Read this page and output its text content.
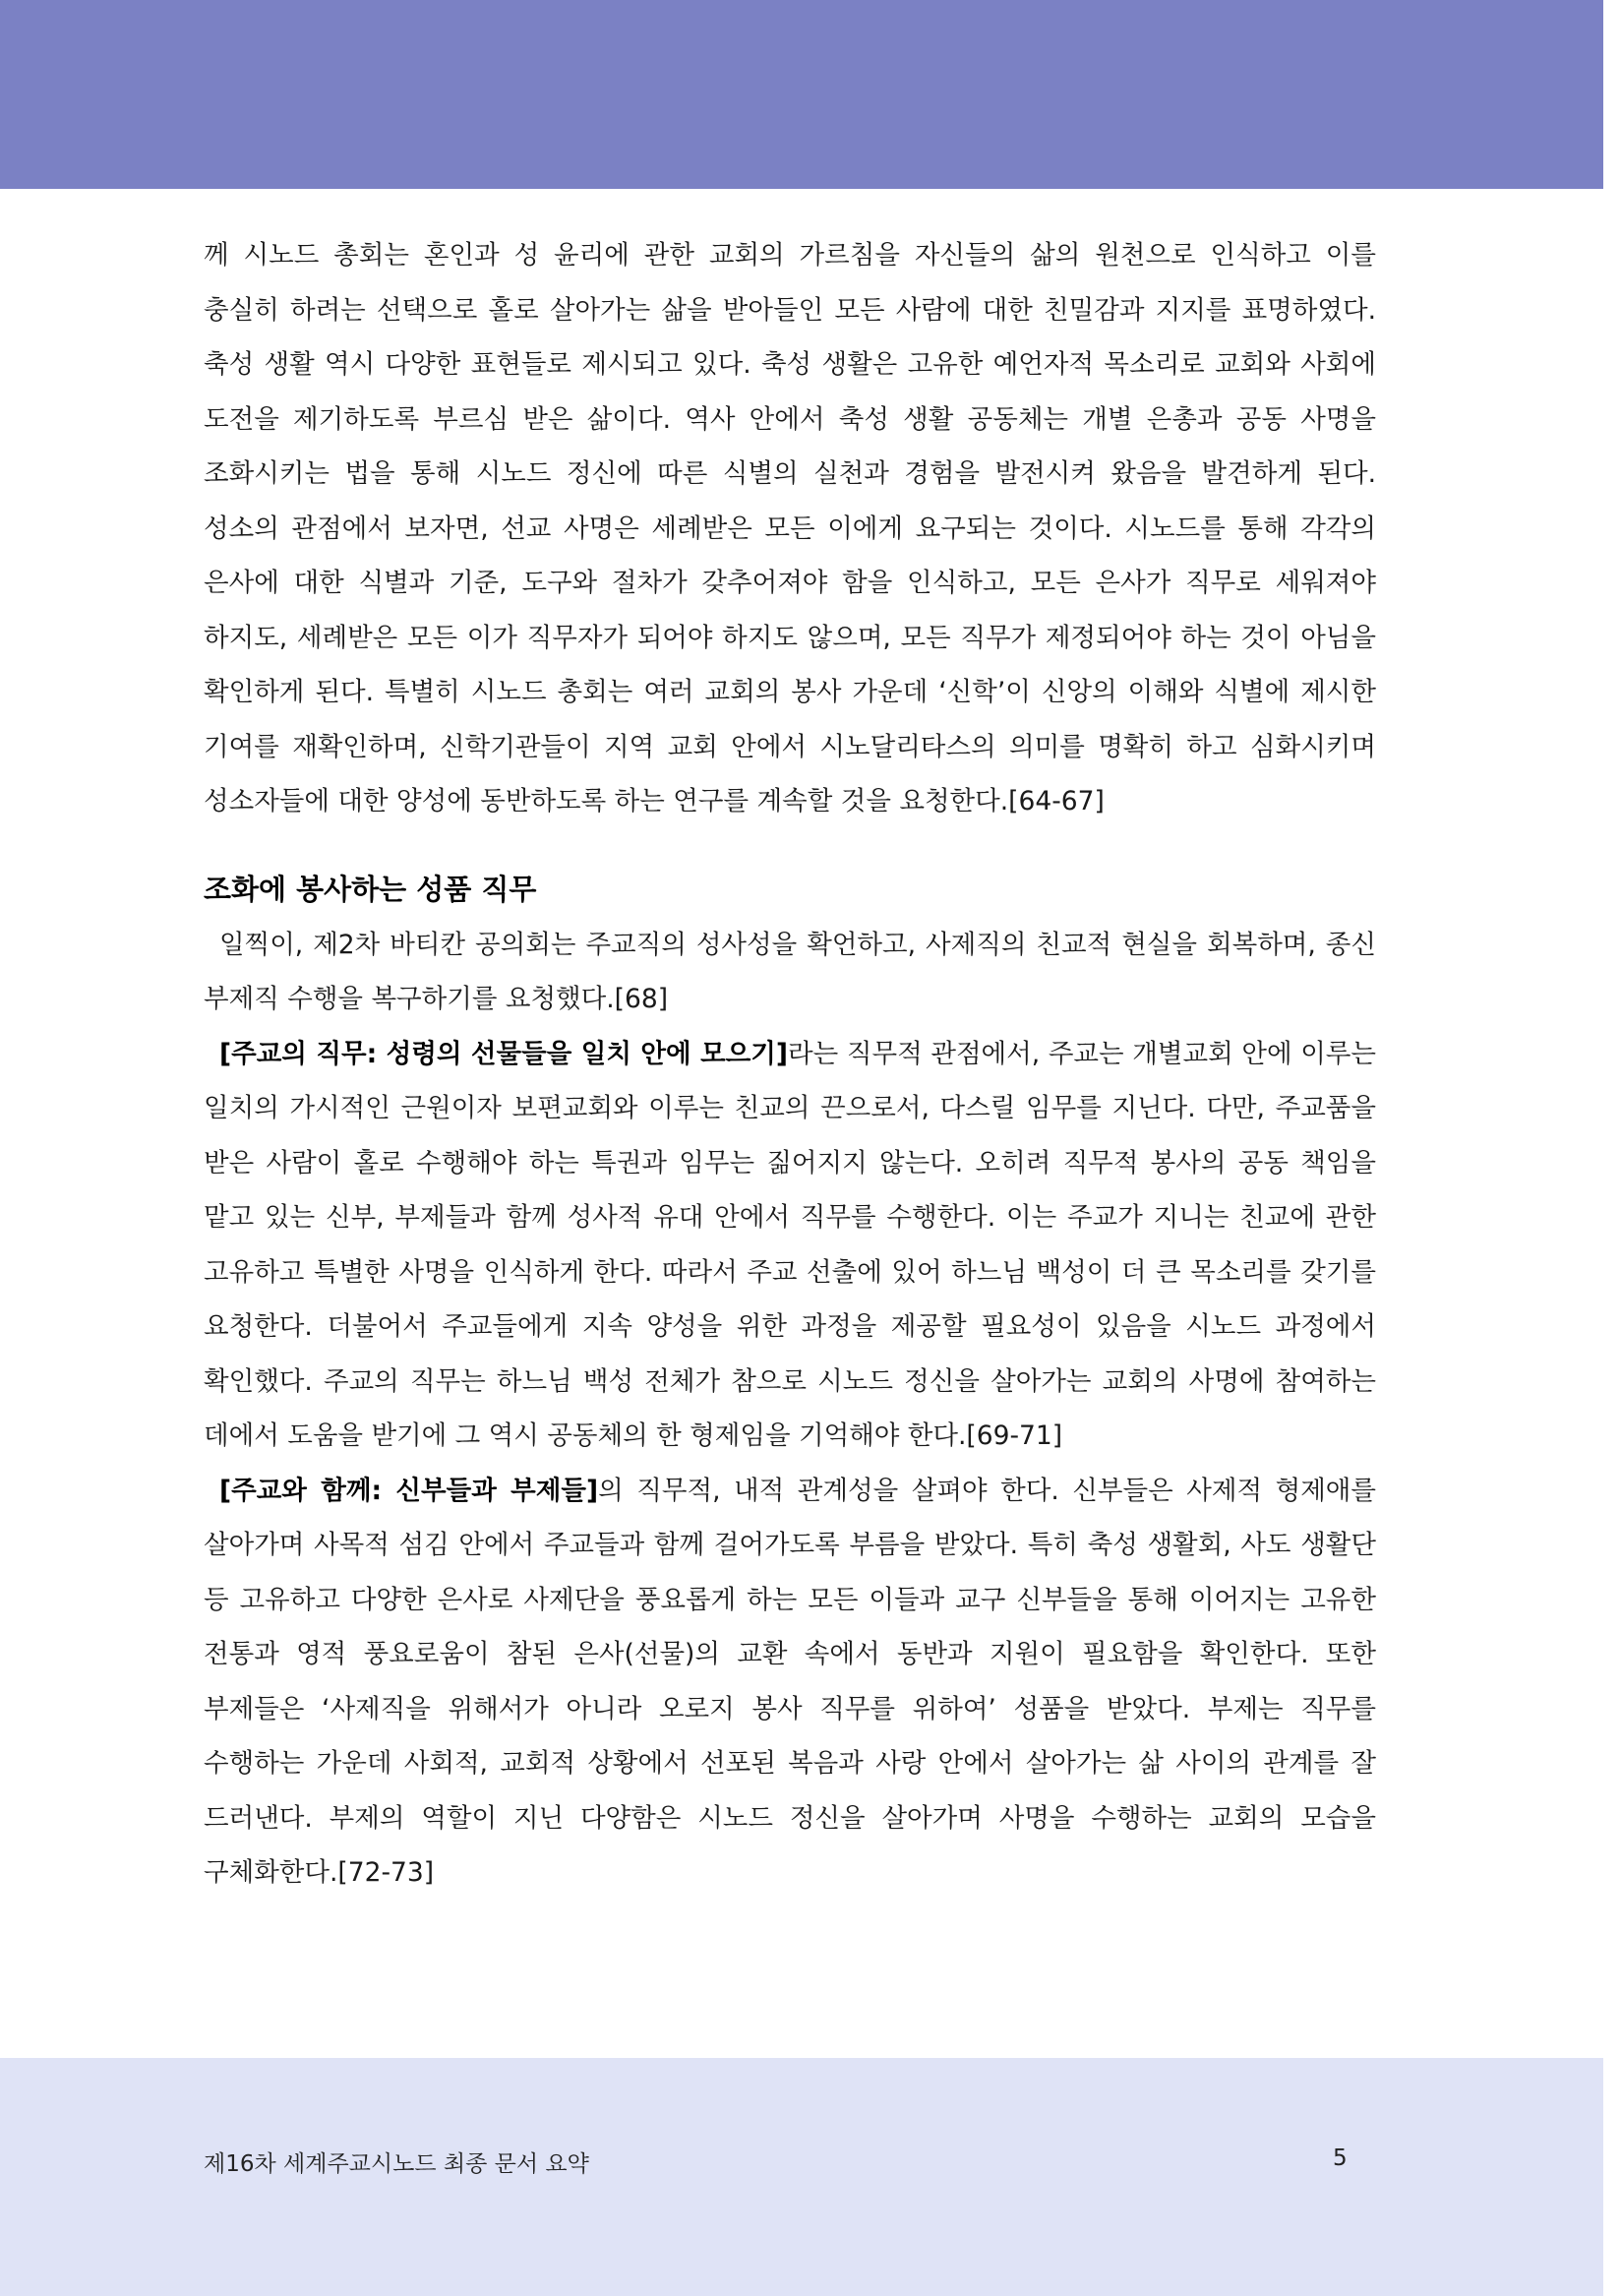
께 시노드 총회는 혼인과 성 윤리에 관한 교회의 가르침을 자신들의 삶의 원천으로 인식하고 이를 충실히 하려는 선택으로 홀로 살아가는 삶을 받아들인 모든 사람에 대한 친밀감과 지지를 표명하였다. 축성 생활 역시 다양한 표현들로 제시되고 있다. 축성 생활은 고유한 예언자적 목소리로 교회와 사회에 도전을 제기하도록 부르심 받은 삶이다. 역사 안에서 축성 생활 공동체는 개별 은총과 공동 사명을 조화시키는 법을 통해 시노드 정신에 따른 식별의 실천과 경험을 발전시켜 왔음을 발견하게 된다. 성소의 관점에서 보자면, 선교 사명은 세례받은 모든 이에게 요구되는 것이다. 시노드를 통해 각각의 은사에 대한 식별과 기준, 도구와 절차가 갖추어져야 함을 인식하고, 모든 은사가 직무로 세워져야 하지도, 세례받은 모든 이가 직무자가 되어야 하지도 않으며, 모든 직무가 제정되어야 하는 것이 아님을 확인하게 된다. 특별히 시노드 총회는 여러 교회의 봉사 가운데 ‘신학’이 신앙의 이해와 식별에 제시한 기여를 재확인하며, 신학기관들이 지역 교회 안에서 시노달리타스의 의미를 명확히 하고 심화시키며 성소자들에 대한 양성에 동반하도록 하는 연구를 계속할 것을 요청한다.[64-67]

조화에 봉사하는 성품 직무

일찍이, 제2차 바티칸 공의회는 주교직의 성사성을 확언하고, 사제직의 친교적 현실을 회복하며, 종신 부제직 수행을 복구하기를 요청했다.[68]

[주교의 직무: 성령의 선물들을 일치 안에 모으기]라는 직무적 관점에서, 주교는 개별교회 안에 이루는 일치의 가시적인 근원이자 보편교회와 이루는 친교의 끈으로서, 다스릴 임무를 지닌다. 다만, 주교품을 받은 사람이 홀로 수행해야 하는 특권과 임무는 짊어지지 않는다. 오히려 직무적 봉사의 공동 책임을 맡고 있는 신부, 부제들과 함께 성사적 유대 안에서 직무를 수행한다. 이는 주교가 지니는 친교에 관한 고유하고 특별한 사명을 인식하게 한다. 따라서 주교 선출에 있어 하느님 백성이 더 큰 목소리를 갖기를 요청한다. 더불어서 주교들에게 지속 양성을 위한 과정을 제공할 필요성이 있음을 시노드 과정에서 확인했다. 주교의 직무는 하느님 백성 전체가 참으로 시노드 정신을 살아가는 교회의 사명에 참여하는 데에서 도움을 받기에 그 역시 공동체의 한 형제임을 기억해야 한다.[69-71]

[주교와 함께: 신부들과 부제들]의 직무적, 내적 관계성을 살펴야 한다. 신부들은 사제적 형제애를 살아가며 사목적 섬김 안에서 주교들과 함께 걸어가도록 부름을 받았다. 특히 축성 생활회, 사도 생활단 등 고유하고 다양한 은사로 사제단을 풍요롭게 하는 모든 이들과 교구 신부들을 통해 이어지는 고유한 전통과 영적 풍요로움이 참된 은사(선물)의 교환 속에서 동반과 지원이 필요함을 확인한다. 또한 부제들은 ‘사제직을 위해서가 아니라 오로지 봉사 직무를 위하여’ 성품을 받았다. 부제는 직무를 수행하는 가운데 사회적, 교회적 상황에서 선포된 복음과 사랑 안에서 살아가는 삶 사이의 관계를 잘 드러낸다. 부제의 역할이 지닌 다양함은 시노드 정신을 살아가며 사명을 수행하는 교회의 모습을 구체화한다.[72-73]

제16차 세계주교시노드 최종 문서 요약	5
